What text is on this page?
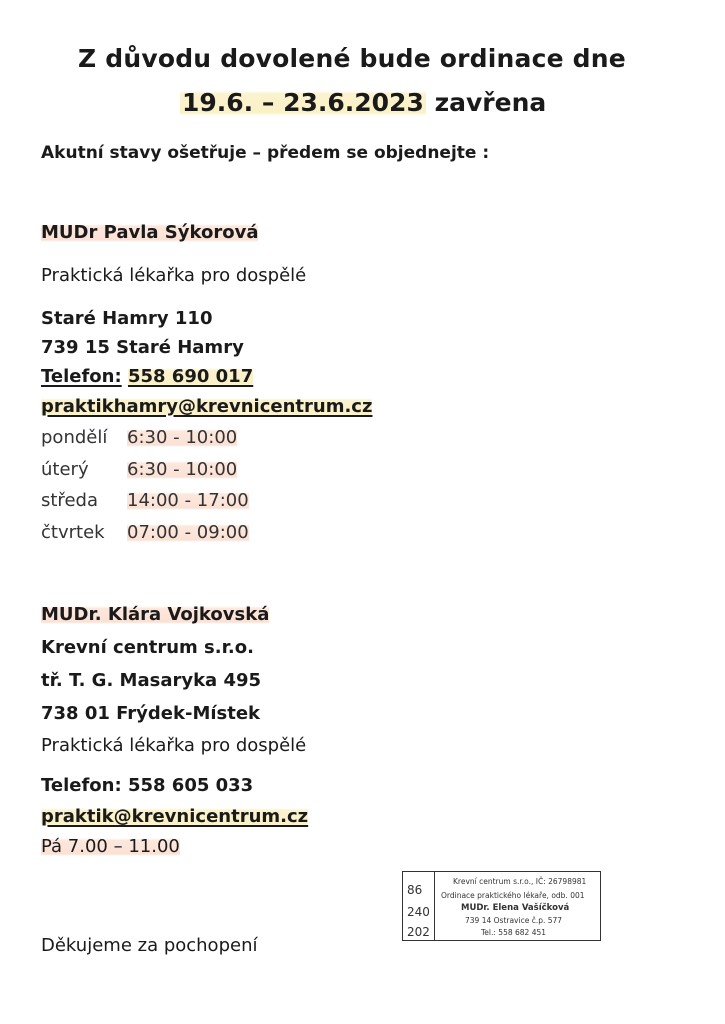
Z důvodu dovolené bude ordinace dne
19.6. – 23.6.2023 zavřena
Akutní stavy ošetřuje – předem se objednejte :
MUDr Pavla Sýkorová
Praktická lékařka pro dospělé
Staré Hamry 110
739 15 Staré Hamry
Telefon: 558 690 017
praktikhamry@krevnicentrum.cz
pondělí 6:30 - 10:00
úterý 6:30 - 10:00
středa 14:00 - 17:00
čtvrtek 07:00 - 09:00
MUDr. Klára Vojkovská
Krevní centrum s.r.o.
tř. T. G. Masaryka 495
738 01 Frýdek-Místek
Praktická lékařka pro dospělé
Telefon: 558 605 033
praktik@krevnicentrum.cz
Pá 7.00 – 11.00
Děkujeme za pochopení
86
240
202
Krevní centrum s.r.o., IČ: 26798981
Ordinace praktického lékaře, odb. 001
MUDr. Elena Vašíčková
739 14 Ostravice č.p. 577
Tel.: 558 682 451
